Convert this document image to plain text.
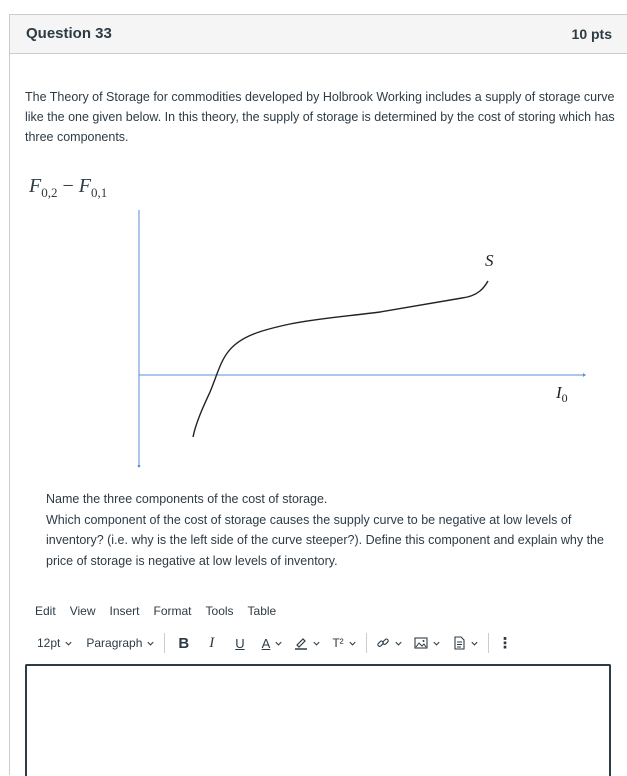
Question 33	10 pts

The Theory of Storage for commodities developed by Holbrook Working includes a supply of storage curve like the one given below. In this theory, the supply of storage is determined by the cost of storing which has three components.

$F_{0,2} - F_{0,1}$
S
$I_0$
Name the three components of the cost of storage.
Which component of the cost of storage causes the supply curve to be negative at low levels of inventory? (i.e. why is the left side of the curve steeper?). Define this component and explain why the price of storage is negative at low levels of inventory.
Edit View Insert Format Tools Table
12pt Paragraph B I U A	T²	⋮
